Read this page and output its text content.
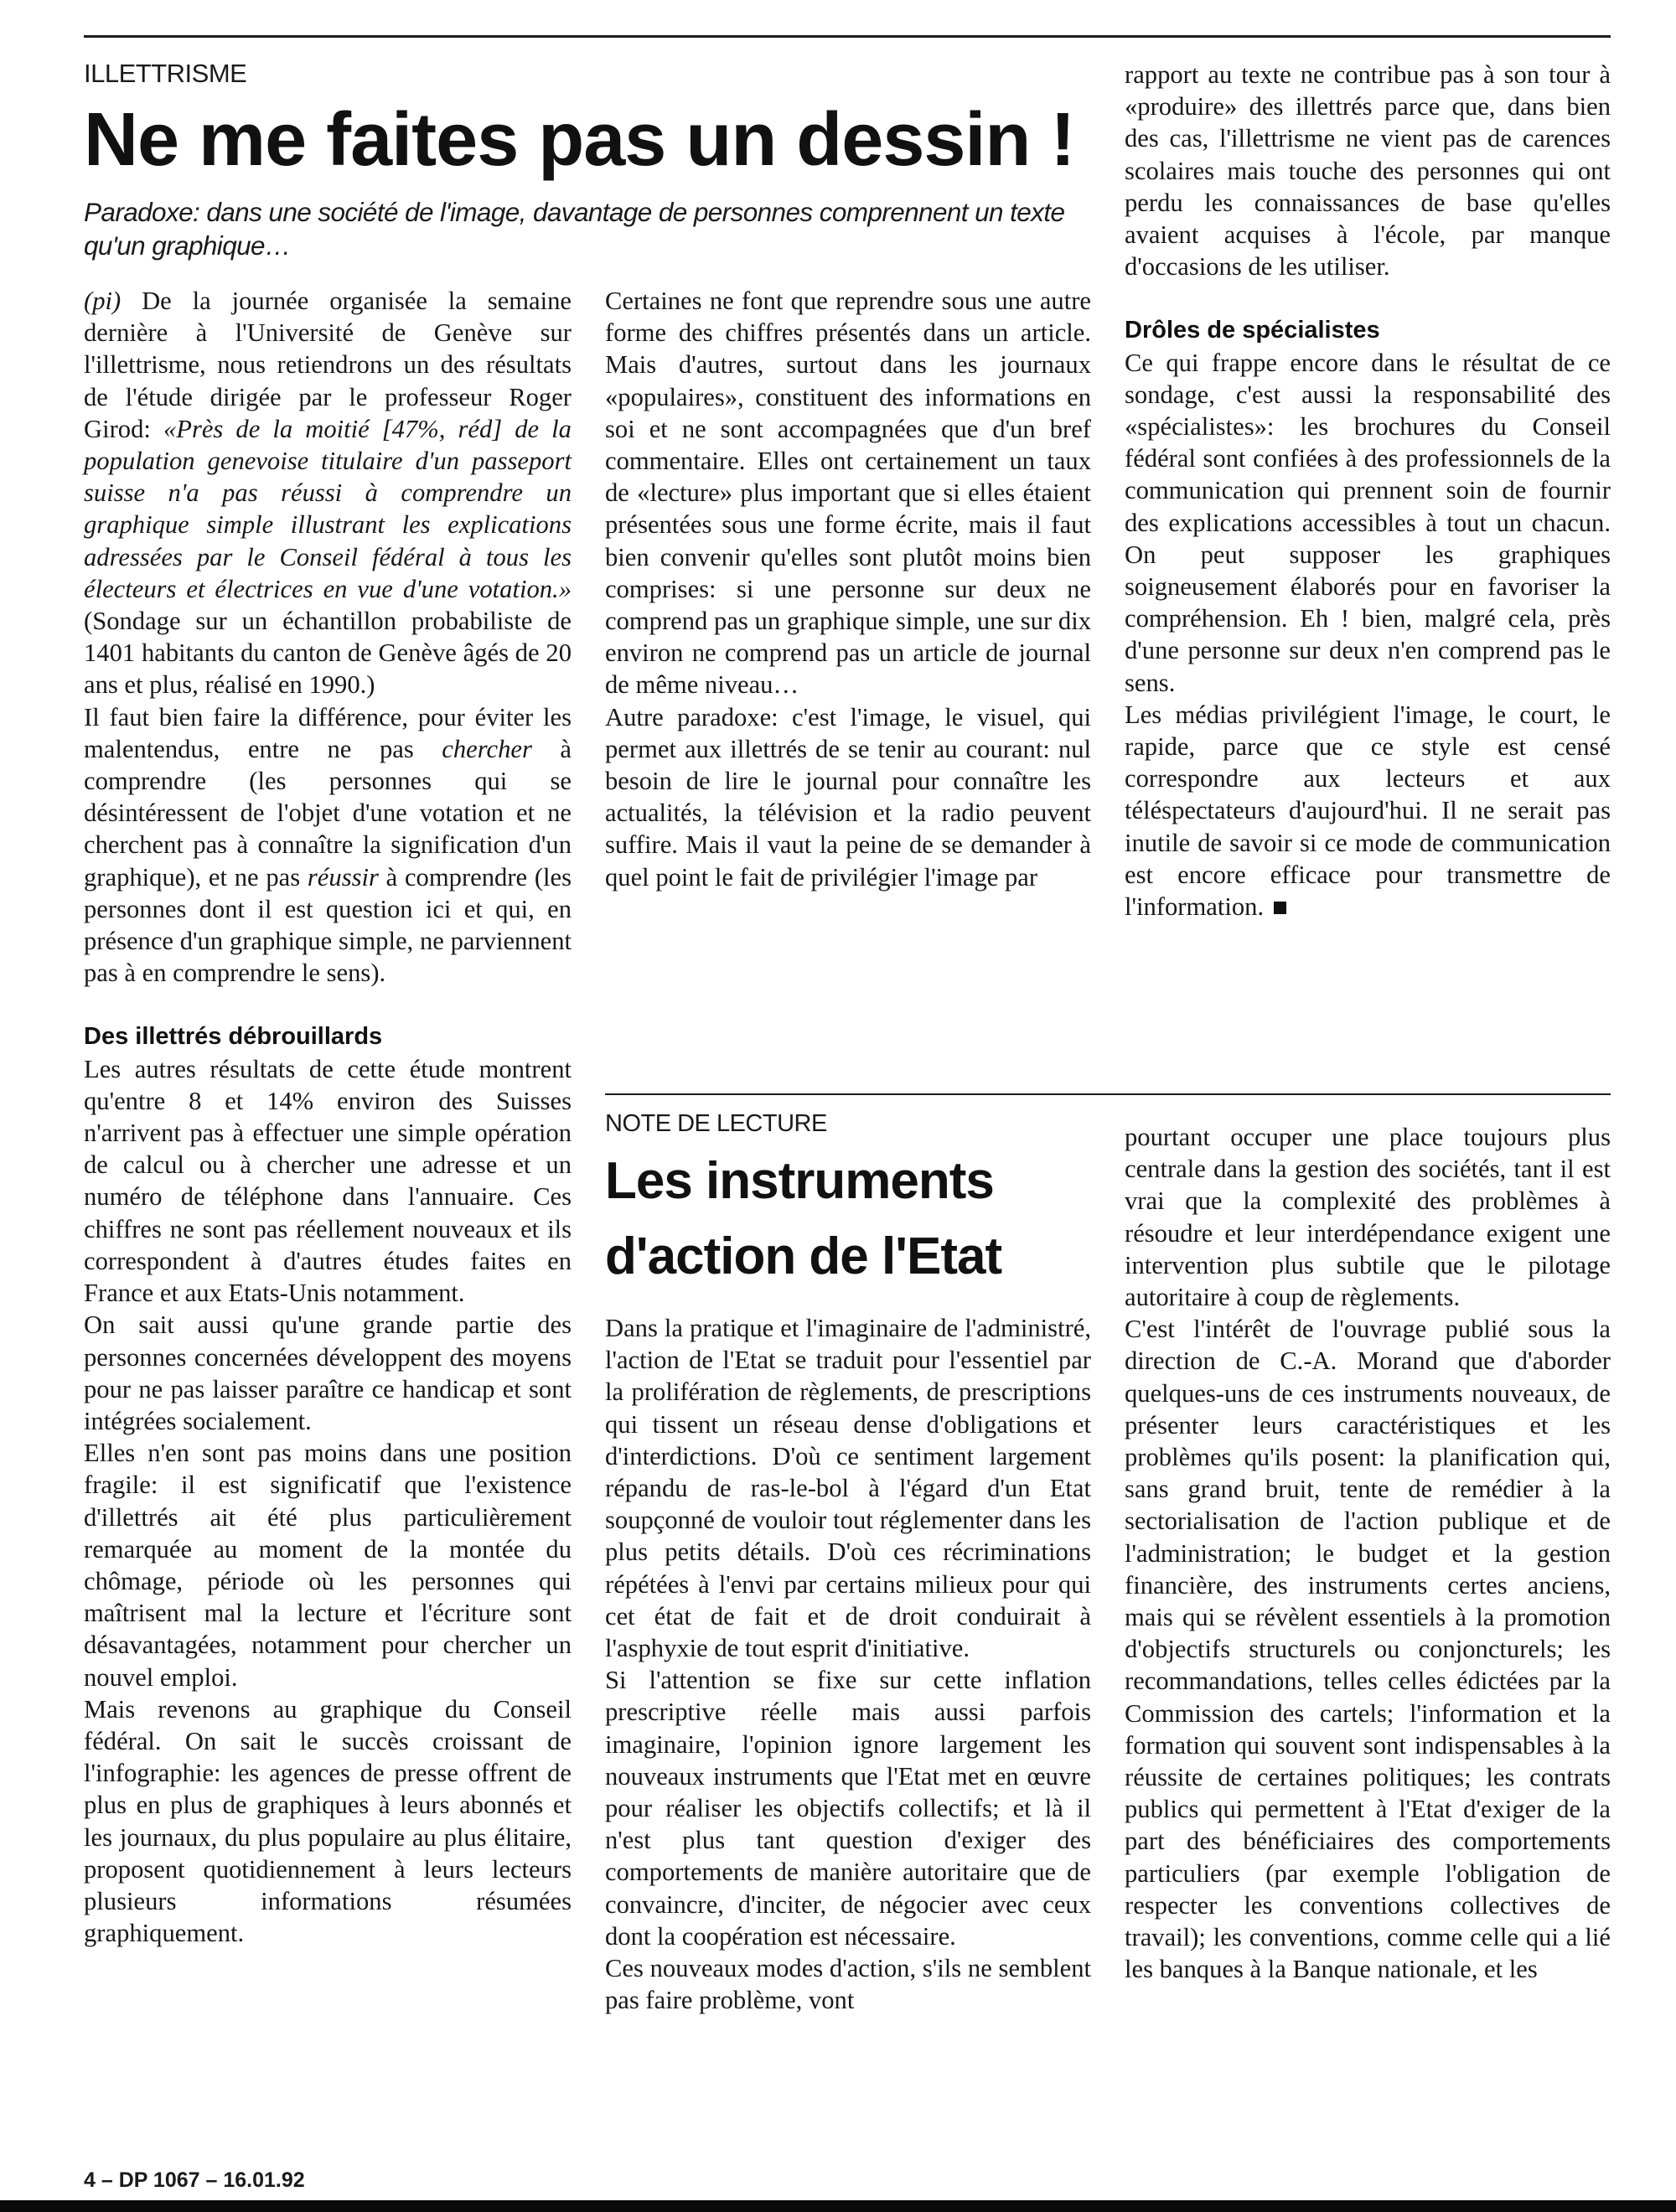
ILLETTRISME
Ne me faites pas un dessin !

Paradoxe: dans une société de l'image, davantage de personnes comprennent un texte qu'un graphique…

(pi) De la journée organisée la semaine dernière à l'Université de Genève sur l'illettrisme, nous retiendrons un des résultats de l'étude dirigée par le professeur Roger Girod: «Près de la moitié [47%, réd] de la population genevoise titulaire d'un passeport suisse n'a pas réussi à comprendre un graphique simple illustrant les explications adressées par le Conseil fédéral à tous les électeurs et électrices en vue d'une votation.» (Sondage sur un échantillon probabiliste de 1401 habitants du canton de Genève âgés de 20 ans et plus, réalisé en 1990.)

Il faut bien faire la différence, pour éviter les malentendus, entre ne pas chercher à comprendre (les personnes qui se désintéressent de l'objet d'une votation et ne cherchent pas à connaître la signification d'un graphique), et ne pas réussir à comprendre (les personnes dont il est question ici et qui, en présence d'un graphique simple, ne parviennent pas à en comprendre le sens).

Des illettrés débrouillards

Les autres résultats de cette étude montrent qu'entre 8 et 14% environ des Suisses n'arrivent pas à effectuer une simple opération de calcul ou à chercher une adresse et un numéro de téléphone dans l'annuaire. Ces chiffres ne sont pas réellement nouveaux et ils correspondent à d'autres études faites en France et aux Etats-Unis notamment.

On sait aussi qu'une grande partie des personnes concernées développent des moyens pour ne pas laisser paraître ce handicap et sont intégrées socialement.

Elles n'en sont pas moins dans une position fragile: il est significatif que l'existence d'illettrés ait été plus particulièrement remarquée au moment de la montée du chômage, période où les personnes qui maîtrisent mal la lecture et l'écriture sont désavantagées, notamment pour chercher un nouvel emploi.

Mais revenons au graphique du Conseil fédéral. On sait le succès croissant de l'infographie: les agences de presse offrent de plus en plus de graphiques à leurs abonnés et les journaux, du plus populaire au plus élitaire, proposent quotidiennement à leurs lecteurs plusieurs informations résumées graphiquement.

Certaines ne font que reprendre sous une autre forme des chiffres présentés dans un article. Mais d'autres, surtout dans les journaux «populaires», constituent des informations en soi et ne sont accompagnées que d'un bref commentaire. Elles ont certainement un taux de «lecture» plus important que si elles étaient présentées sous une forme écrite, mais il faut bien convenir qu'elles sont plutôt moins bien comprises: si une personne sur deux ne comprend pas un graphique simple, une sur dix environ ne comprend pas un article de journal de même niveau…

Autre paradoxe: c'est l'image, le visuel, qui permet aux illettrés de se tenir au courant: nul besoin de lire le journal pour connaître les actualités, la télévision et la radio peuvent suffire. Mais il vaut la peine de se demander à quel point le fait de privilégier l'image par

rapport au texte ne contribue pas à son tour à «produire» des illettrés parce que, dans bien des cas, l'illettrisme ne vient pas de carences scolaires mais touche des personnes qui ont perdu les connaissances de base qu'elles avaient acquises à l'école, par manque d'occasions de les utiliser.

Drôles de spécialistes

Ce qui frappe encore dans le résultat de ce sondage, c'est aussi la responsabilité des «spécialistes»: les brochures du Conseil fédéral sont confiées à des professionnels de la communication qui prennent soin de fournir des explications accessibles à tout un chacun. On peut supposer les graphiques soigneusement élaborés pour en favoriser la compréhension. Eh ! bien, malgré cela, près d'une personne sur deux n'en comprend pas le sens.

Les médias privilégient l'image, le court, le rapide, parce que ce style est censé correspondre aux lecteurs et aux téléspectateurs d'aujourd'hui. Il ne serait pas inutile de savoir si ce mode de communication est encore efficace pour transmettre de l'information.

NOTE DE LECTURE
Les instruments
d'action de l'Etat

Dans la pratique et l'imaginaire de l'administré, l'action de l'Etat se traduit pour l'essentiel par la prolifération de règlements, de prescriptions qui tissent un réseau dense d'obligations et d'interdictions. D'où ce sentiment largement répandu de ras-le-bol à l'égard d'un Etat soupçonné de vouloir tout réglementer dans les plus petits détails. D'où ces récriminations répétées à l'envi par certains milieux pour qui cet état de fait et de droit conduirait à l'asphyxie de tout esprit d'initiative.

Si l'attention se fixe sur cette inflation prescriptive réelle mais aussi parfois imaginaire, l'opinion ignore largement les nouveaux instruments que l'Etat met en œuvre pour réaliser les objectifs collectifs; et là il n'est plus tant question d'exiger des comportements de manière autoritaire que de convaincre, d'inciter, de négocier avec ceux dont la coopération est nécessaire.

Ces nouveaux modes d'action, s'ils ne semblent pas faire problème, vont

pourtant occuper une place toujours plus centrale dans la gestion des sociétés, tant il est vrai que la complexité des problèmes à résoudre et leur interdépendance exigent une intervention plus subtile que le pilotage autoritaire à coup de règlements.

C'est l'intérêt de l'ouvrage publié sous la direction de C.-A. Morand que d'aborder quelques-uns de ces instruments nouveaux, de présenter leurs caractéristiques et les problèmes qu'ils posent: la planification qui, sans grand bruit, tente de remédier à la sectorialisation de l'action publique et de l'administration; le budget et la gestion financière, des instruments certes anciens, mais qui se révèlent essentiels à la promotion d'objectifs structurels ou conjoncturels; les recommandations, telles celles édictées par la Commission des cartels; l'information et la formation qui souvent sont indispensables à la réussite de certaines politiques; les contrats publics qui permettent à l'Etat d'exiger de la part des bénéficiaires des comportements particuliers (par exemple l'obligation de respecter les conventions collectives de travail); les conventions, comme celle qui a lié les banques à la Banque nationale, et les

4 – DP 1067 – 16.01.92
